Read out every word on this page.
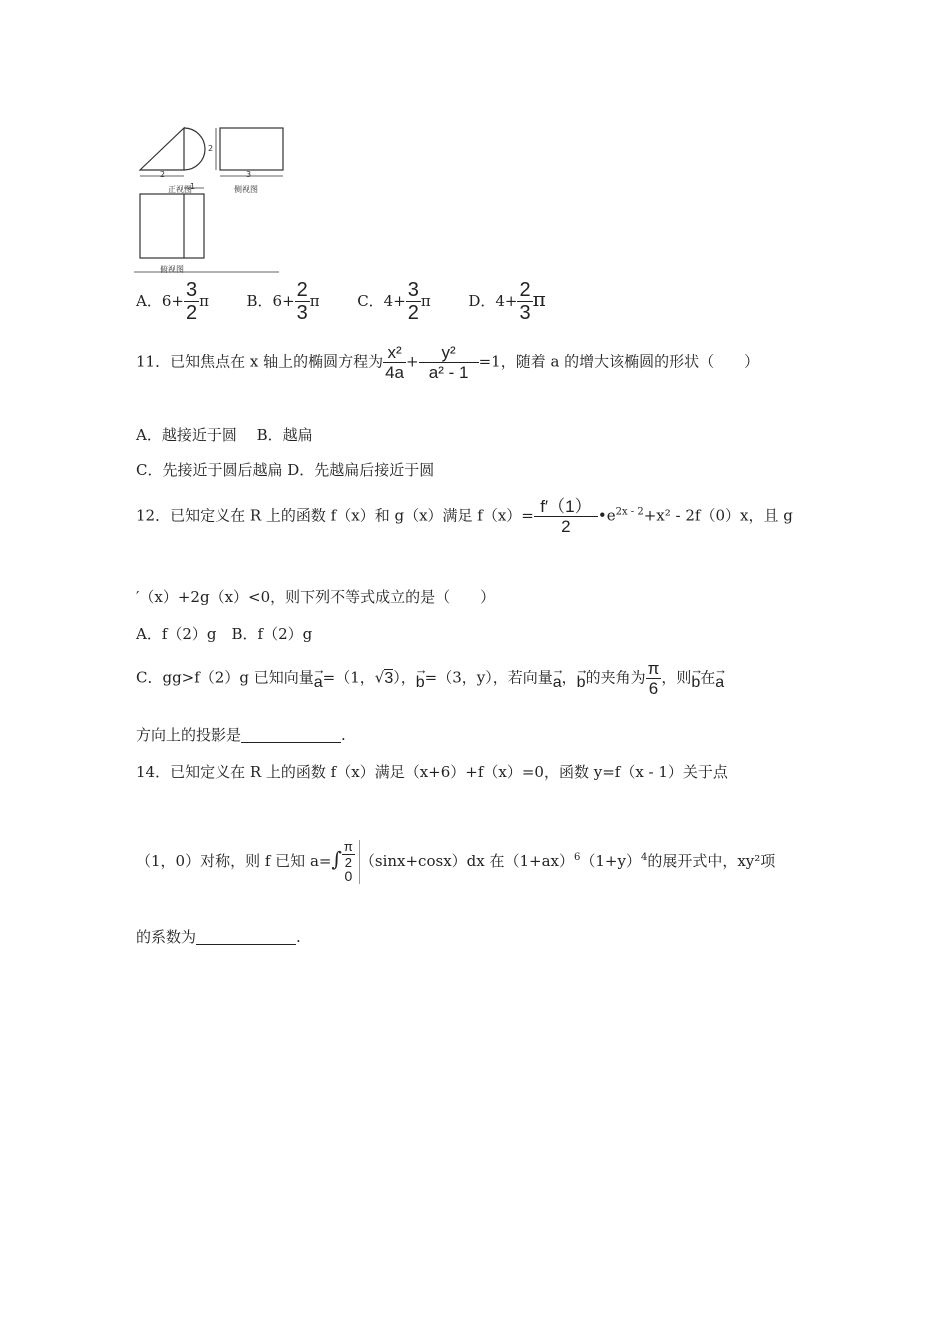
正视图	侧视图
俯视图
2
2
3
1
A．$6+ \frac{3}{2}$ π	B．$6+ \frac{2}{3}$ π	C．$4+ \frac{3}{2}$ π	D．$4+ \frac{2}{3}$ π
11．已知焦点在 x 轴上的椭圆方程为 $\frac{\text{x²}}{4a} + \frac{\text{y²}}{\text{a² - 1}} =1$，随着 a 的增大该椭圆的形状（　　）
A．越接近于圆　 B．越扁
C．先接近于圆后越扁 D．先越扁后接近于圆
12．已知定义在 R 上的函数 f（x）和 g（x）满足 $f(x)= \frac{f'(1)}{2}$ $•e^{2x - 2}+x^2 - 2f(0)x$，且 g
′（x）+2g（x）<0，则下列不等式成立的是（　　）
A．f（2）g　B．f（2）g
C．gg>f（2）g 已知向量→ a=（1，√3），→ b=（3，y），若向量→ a，→ b的夹角为 $\frac{\pi}{6}$ ，则→ b在→ a
方向上的投影是	.
14．已知定义在 R 上的函数 f（x）满足（x+6）+f（x）=0，函数 y=f（x - 1）关于点
（1，0）对称，则 f 已知 $a=\int \frac{\pi}{2}$

0（sinx+cosx）dx 在$(1+ax)^6(1+y)^4$的展开式中，xy²项
的系数为	.
